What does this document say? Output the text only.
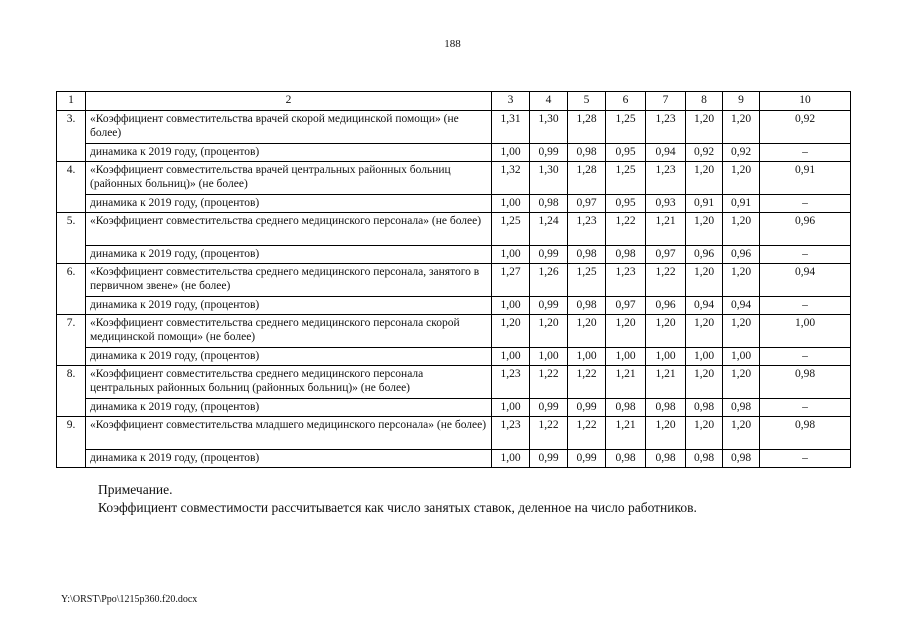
188
1	2	3	4	5	6	7	8	9	10
3.	«Коэффициент совместительства врачей скорой медицинской помощи» (не более)	1,31	1,30	1,28	1,25	1,23	1,20	1,20	0,92
	динамика к 2019 году, (процентов)	1,00	0,99	0,98	0,95	0,94	0,92	0,92	–
4.	«Коэффициент совместительства врачей центральных районных больниц (районных больниц)» (не более)	1,32	1,30	1,28	1,25	1,23	1,20	1,20	0,91
	динамика к 2019 году, (процентов)	1,00	0,98	0,97	0,95	0,93	0,91	0,91	–
5.	«Коэффициент совместительства среднего медицинского персонала» (не более)	1,25	1,24	1,23	1,22	1,21	1,20	1,20	0,96
	динамика к 2019 году, (процентов)	1,00	0,99	0,98	0,98	0,97	0,96	0,96	–
6.	«Коэффициент совместительства среднего медицинского персонала, занятого в первичном звене» (не более)	1,27	1,26	1,25	1,23	1,22	1,20	1,20	0,94
	динамика к 2019 году, (процентов)	1,00	0,99	0,98	0,97	0,96	0,94	0,94	–
7.	«Коэффициент совместительства среднего медицинского персонала скорой медицинской помощи» (не более)	1,20	1,20	1,20	1,20	1,20	1,20	1,20	1,00
	динамика к 2019 году, (процентов)	1,00	1,00	1,00	1,00	1,00	1,00	1,00	–
8.	«Коэффициент совместительства среднего медицинского персонала центральных районных больниц (районных больниц)» (не более)	1,23	1,22	1,22	1,21	1,21	1,20	1,20	0,98
	динамика к 2019 году, (процентов)	1,00	0,99	0,99	0,98	0,98	0,98	0,98	–
9.	«Коэффициент совместительства младшего медицинского персонала» (не более)	1,23	1,22	1,22	1,21	1,20	1,20	1,20	0,98
	динамика к 2019 году, (процентов)	1,00	0,99	0,99	0,98	0,98	0,98	0,98	–
Примечание.
Коэффициент совместимости рассчитывается как число занятых ставок, деленное на число работников.
Y:\ORST\Ppo\1215p360.f20.docx
